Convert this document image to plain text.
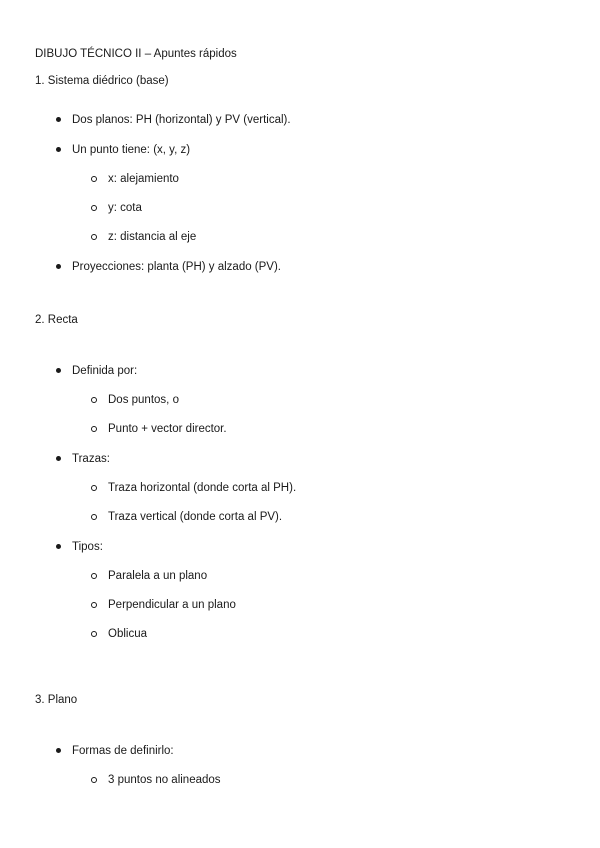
DIBUJO TÉCNICO II – Apuntes rápidos
1. Sistema diédrico (base)
Dos planos: PH (horizontal) y PV (vertical).
Un punto tiene: (x, y, z)
x: alejamiento
y: cota
z: distancia al eje
Proyecciones: planta (PH) y alzado (PV).
2. Recta
Definida por:
Dos puntos, o
Punto + vector director.
Trazas:
Traza horizontal (donde corta al PH).
Traza vertical (donde corta al PV).
Tipos:
Paralela a un plano
Perpendicular a un plano
Oblicua
3. Plano
Formas de definirlo:
3 puntos no alineados
